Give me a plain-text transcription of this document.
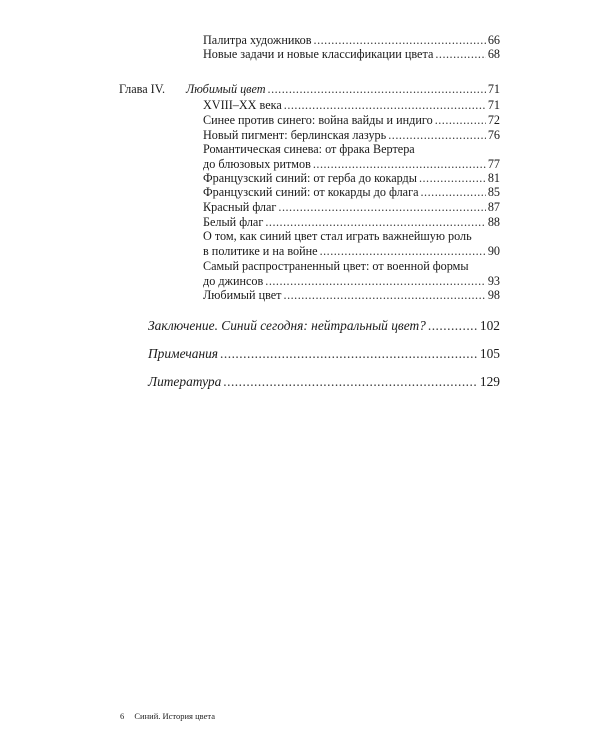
Палитра художников .....	66
Новые задачи и новые классификации цвета .....	68
Глава IV. Любимый цвет .....	71
XVIII–XX века .....	71
Синее против синего: война вайды и индиго .....	72
Новый пигмент: берлинская лазурь .....	76
Романтическая синева: от фрака Вертера
до блюзовых ритмов .....	77
Французский синий: от герба до кокарды .....	81
Французский синий: от кокарды до флага .....	85
Красный флаг .....	87
Белый флаг .....	88
О том, как синий цвет стал играть важнейшую роль
в политике и на войне .....	90
Самый распространенный цвет: от военной формы
до джинсов .....	93
Любимый цвет .....	98
Заключение. Синий сегодня: нейтральный цвет? .....	102
Примечания .....	105
Литература .....	129
6 Синий. История цвета
